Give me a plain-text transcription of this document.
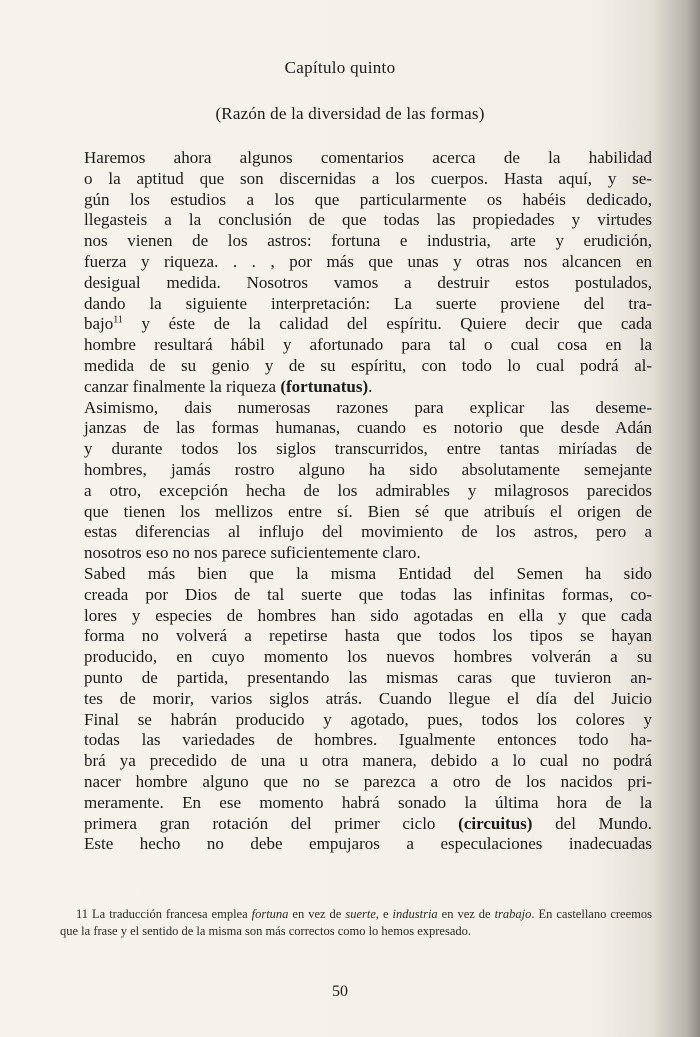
Capítulo quinto
(Razón de la diversidad de las formas)

Haremos ahora algunos comentarios acerca de la habilidad
o la aptitud que son discernidas a los cuerpos. Hasta aquí, y se-
gún los estudios a los que particularmente os habéis dedicado,
llegasteis a la conclusión de que todas las propiedades y virtudes
nos vienen de los astros: fortuna e industria, arte y erudición,
fuerza y riqueza. . . , por más que unas y otras nos alcancen en
desigual medida. Nosotros vamos a destruir estos postulados,
dando la siguiente interpretación: La suerte proviene del tra-
bajo$^{11}$ y éste de la calidad del espíritu. Quiere decir que cada
hombre resultará hábil y afortunado para tal o cual cosa en la
medida de su genio y de su espíritu, con todo lo cual podrá al-
canzar finalmente la riqueza (fortunatus).

Asimismo, dais numerosas razones para explicar las deseme-
janzas de las formas humanas, cuando es notorio que desde Adán
y durante todos los siglos transcurridos, entre tantas miríadas de
hombres, jamás rostro alguno ha sido absolutamente semejante
a otro, excepción hecha de los admirables y milagrosos parecidos
que tienen los mellizos entre sí. Bien sé que atribuís el origen de
estas diferencias al influjo del movimiento de los astros, pero a
nosotros eso no nos parece suficientemente claro.

Sabed más bien que la misma Entidad del Semen ha sido
creada por Dios de tal suerte que todas las infinitas formas, co-
lores y especies de hombres han sido agotadas en ella y que cada
forma no volverá a repetirse hasta que todos los tipos se hayan
producido, en cuyo momento los nuevos hombres volverán a su
punto de partida, presentando las mismas caras que tuvieron an-
tes de morir, varios siglos atrás. Cuando llegue el día del Juicio
Final se habrán producido y agotado, pues, todos los colores y
todas las variedades de hombres. Igualmente entonces todo ha-
brá ya precedido de una u otra manera, debido a lo cual no podrá
nacer hombre alguno que no se parezca a otro de los nacidos pri-
meramente. En ese momento habrá sonado la última hora de la
primera gran rotación del primer ciclo (circuitus) del Mundo.

Este hecho no debe empujaros a especulaciones inadecuadas

11 La traducción francesa emplea fortuna en vez de suerte, e industria en vez de trabajo. En castellano creemos que la frase y el sentido de la misma son más correctos como lo hemos expresado.

50
